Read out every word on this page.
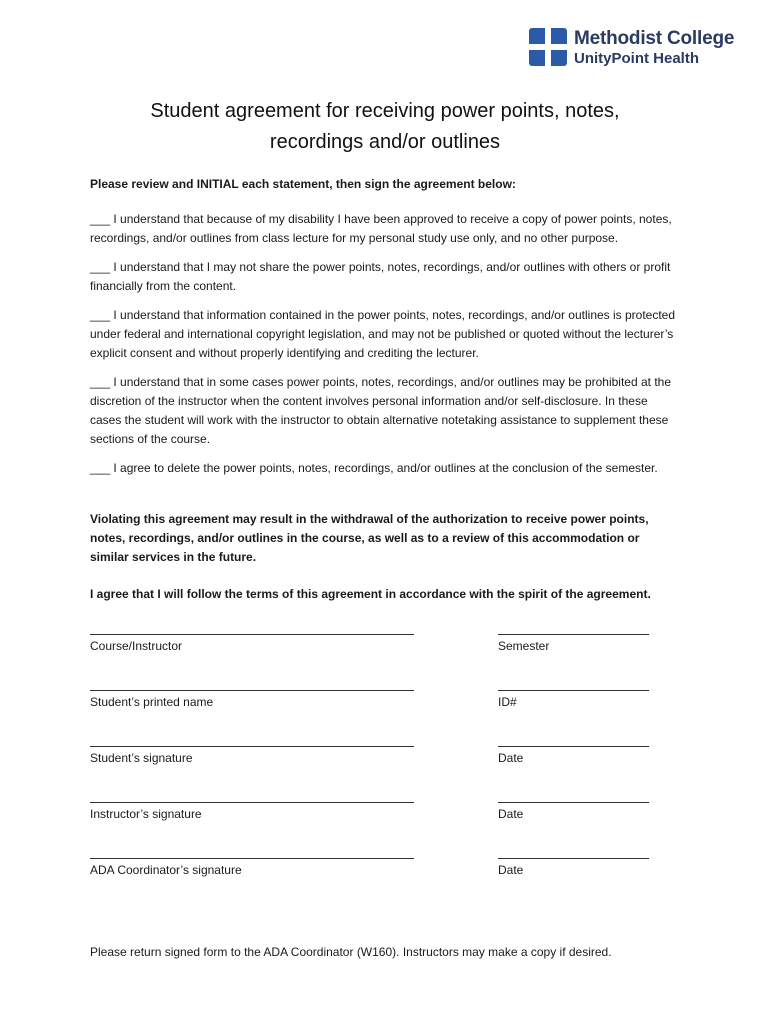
Methodist College
UnityPoint Health
Student agreement for receiving power points, notes,
recordings and/or outlines

Please review and INITIAL each statement, then sign the agreement below:

___ I understand that because of my disability I have been approved to receive a copy of power points, notes, recordings, and/or outlines from class lecture for my personal study use only, and no other purpose.

___ I understand that I may not share the power points, notes, recordings, and/or outlines with others or profit financially from the content.

___ I understand that information contained in the power points, notes, recordings, and/or outlines is protected under federal and international copyright legislation, and may not be published or quoted without the lecturer’s explicit consent and without properly identifying and crediting the lecturer.

___ I understand that in some cases power points, notes, recordings, and/or outlines may be prohibited at the discretion of the instructor when the content involves personal information and/or self-disclosure. In these cases the student will work with the instructor to obtain alternative notetaking assistance to supplement these sections of the course.

___ I agree to delete the power points, notes, recordings, and/or outlines at the conclusion of the semester.

Violating this agreement may result in the withdrawal of the authorization to receive power points, notes, recordings, and/or outlines in the course, as well as to a review of this accommodation or similar services in the future.

I agree that I will follow the terms of this agreement in accordance with the spirit of the agreement.

Course/Instructor	Semester
Student’s printed name	ID#
Student’s signature	Date
Instructor’s signature	Date
ADA Coordinator’s signature	Date
Please return signed form to the ADA Coordinator (W160). Instructors may make a copy if desired.
